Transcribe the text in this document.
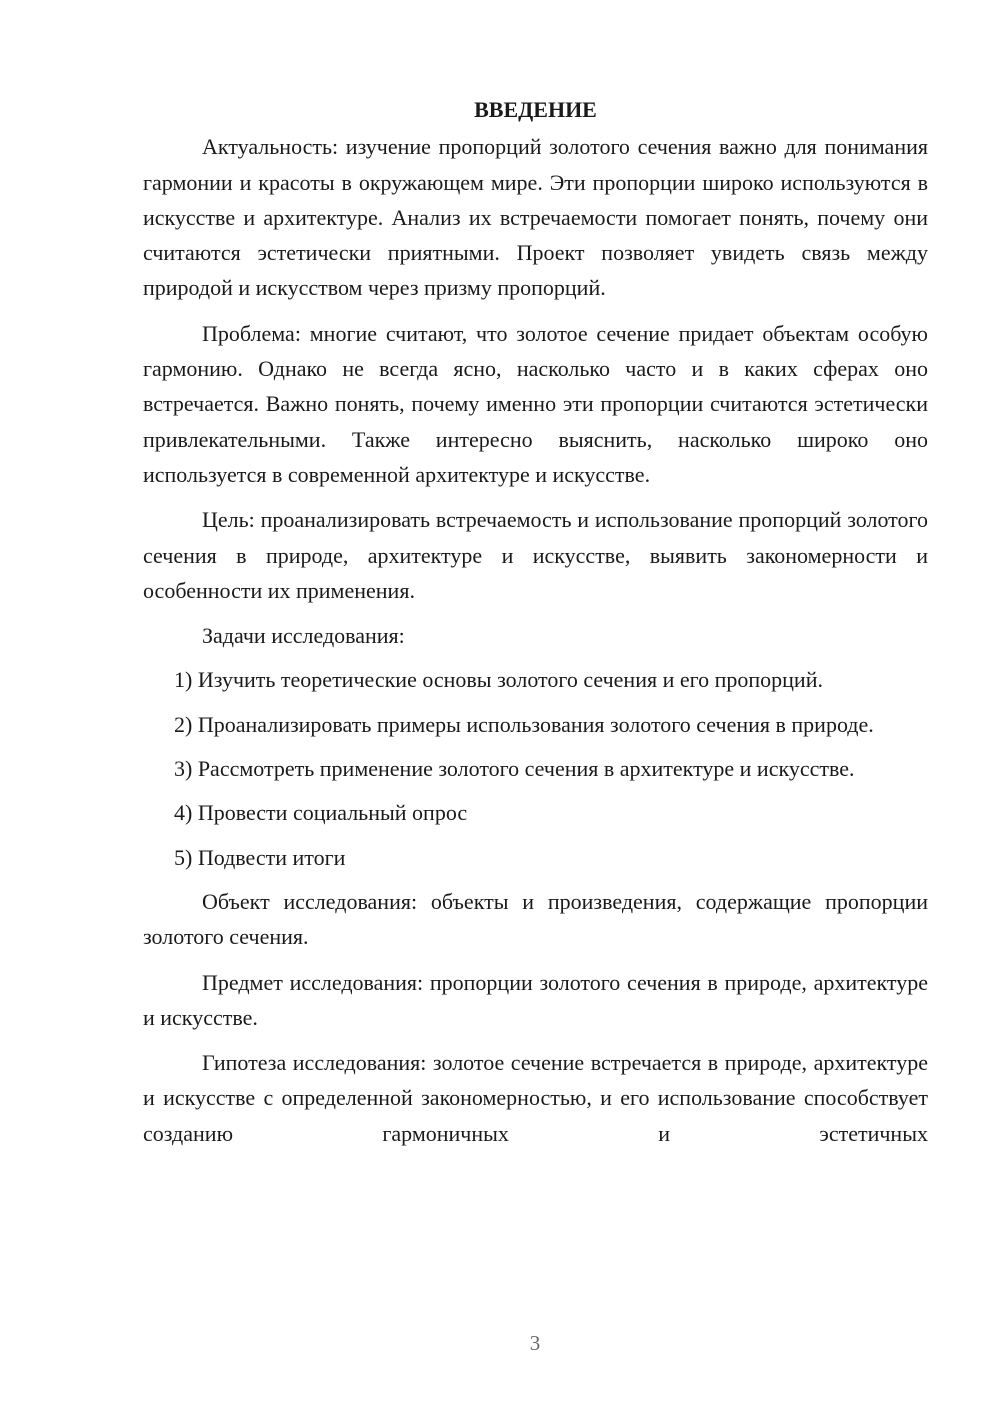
ВВЕДЕНИЕ

Актуальность: изучение пропорций золотого сечения важно для понимания гармонии и красоты в окружающем мире. Эти пропорции широко используются в искусстве и архитектуре. Анализ их встречаемости помогает понять, почему они считаются эстетически приятными. Проект позволяет увидеть связь между природой и искусством через призму пропорций.

Проблема: многие считают, что золотое сечение придает объектам особую гармонию. Однако не всегда ясно, насколько часто и в каких сферах оно встречается. Важно понять, почему именно эти пропорции считаются эстетически привлекательными. Также интересно выяснить, насколько широко оно используется в современной архитектуре и искусстве.

Цель: проанализировать встречаемость и использование пропорций золотого сечения в природе, архитектуре и искусстве, выявить закономерности и особенности их применения.

Задачи исследования:

1) Изучить теоретические основы золотого сечения и его пропорций.

2) Проанализировать примеры использования золотого сечения в природе.

3) Рассмотреть применение золотого сечения в архитектуре и искусстве.

4) Провести социальный опрос

5) Подвести итоги

Объект исследования: объекты и произведения, содержащие пропорции золотого сечения.

Предмет исследования: пропорции золотого сечения в природе, архитектуре и искусстве.

Гипотеза исследования: золотое сечение встречается в природе, архитектуре и искусстве с определенной закономерностью, и его использование способствует созданию гармоничных и эстетичных

3
